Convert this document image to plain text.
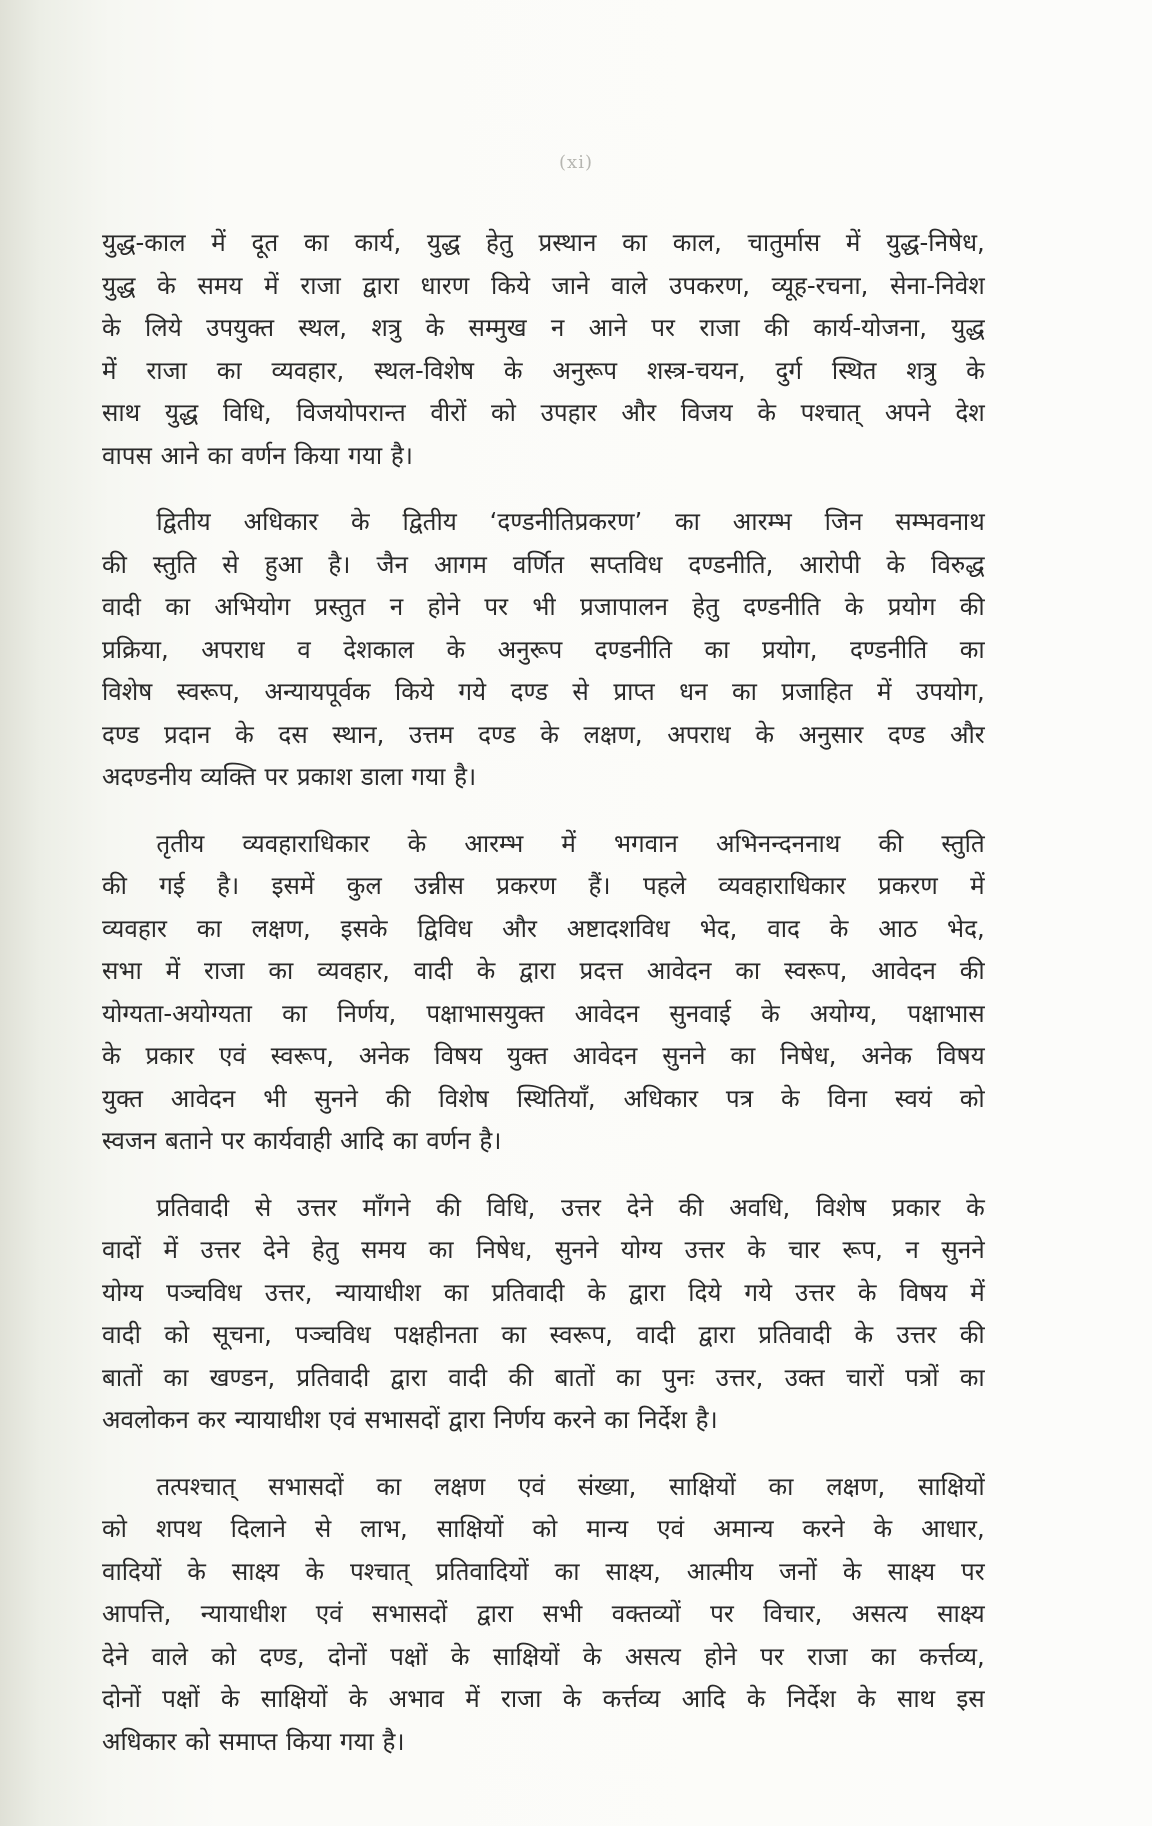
(xi)

युद्ध-काल में दूत का कार्य, युद्ध हेतु प्रस्थान का काल, चातुर्मास में युद्ध-निषेध,
युद्ध के समय में राजा द्वारा धारण किये जाने वाले उपकरण, व्यूह-रचना, सेना-निवेश
के लिये उपयुक्त स्थल, शत्रु के सम्मुख न आने पर राजा की कार्य-योजना, युद्ध
में राजा का व्यवहार, स्थल-विशेष के अनुरूप शस्त्र-चयन, दुर्ग स्थित शत्रु के
साथ युद्ध विधि, विजयोपरान्त वीरों को उपहार और विजय के पश्चात् अपने देश
वापस आने का वर्णन किया गया है।

द्वितीय अधिकार के द्वितीय ‘दण्डनीतिप्रकरण’ का आरम्भ जिन सम्भवनाथ
की स्तुति से हुआ है। जैन आगम वर्णित सप्तविध दण्डनीति, आरोपी के विरुद्ध
वादी का अभियोग प्रस्तुत न होने पर भी प्रजापालन हेतु दण्डनीति के प्रयोग की
प्रक्रिया, अपराध व देशकाल के अनुरूप दण्डनीति का प्रयोग, दण्डनीति का
विशेष स्वरूप, अन्यायपूर्वक किये गये दण्ड से प्राप्त धन का प्रजाहित में उपयोग,
दण्ड प्रदान के दस स्थान, उत्तम दण्ड के लक्षण, अपराध के अनुसार दण्ड और
अदण्डनीय व्यक्ति पर प्रकाश डाला गया है।

तृतीय व्यवहाराधिकार के आरम्भ में भगवान अभिनन्दननाथ की स्तुति
की गई है। इसमें कुल उन्नीस प्रकरण हैं। पहले व्यवहाराधिकार प्रकरण में
व्यवहार का लक्षण, इसके द्विविध और अष्टादशविध भेद, वाद के आठ भेद,
सभा में राजा का व्यवहार, वादी के द्वारा प्रदत्त आवेदन का स्वरूप, आवेदन की
योग्यता-अयोग्यता का निर्णय, पक्षाभासयुक्त आवेदन सुनवाई के अयोग्य, पक्षाभास
के प्रकार एवं स्वरूप, अनेक विषय युक्त आवेदन सुनने का निषेध, अनेक विषय
युक्त आवेदन भी सुनने की विशेष स्थितियाँ, अधिकार पत्र के विना स्वयं को
स्वजन बताने पर कार्यवाही आदि का वर्णन है।

प्रतिवादी से उत्तर माँगने की विधि, उत्तर देने की अवधि, विशेष प्रकार के
वादों में उत्तर देने हेतु समय का निषेध, सुनने योग्य उत्तर के चार रूप, न सुनने
योग्य पञ्चविध उत्तर, न्यायाधीश का प्रतिवादी के द्वारा दिये गये उत्तर के विषय में
वादी को सूचना, पञ्चविध पक्षहीनता का स्वरूप, वादी द्वारा प्रतिवादी के उत्तर की
बातों का खण्डन, प्रतिवादी द्वारा वादी की बातों का पुनः उत्तर, उक्त चारों पत्रों का
अवलोकन कर न्यायाधीश एवं सभासदों द्वारा निर्णय करने का निर्देश है।

तत्पश्चात् सभासदों का लक्षण एवं संख्या, साक्षियों का लक्षण, साक्षियों
को शपथ दिलाने से लाभ, साक्षियों को मान्य एवं अमान्य करने के आधार,
वादियों के साक्ष्य के पश्चात् प्रतिवादियों का साक्ष्य, आत्मीय जनों के साक्ष्य पर
आपत्ति, न्यायाधीश एवं सभासदों द्वारा सभी वक्तव्यों पर विचार, असत्य साक्ष्य
देने वाले को दण्ड, दोनों पक्षों के साक्षियों के असत्य होने पर राजा का कर्त्तव्य,
दोनों पक्षों के साक्षियों के अभाव में राजा के कर्त्तव्य आदि के निर्देश के साथ इस
अधिकार को समाप्त किया गया है।
